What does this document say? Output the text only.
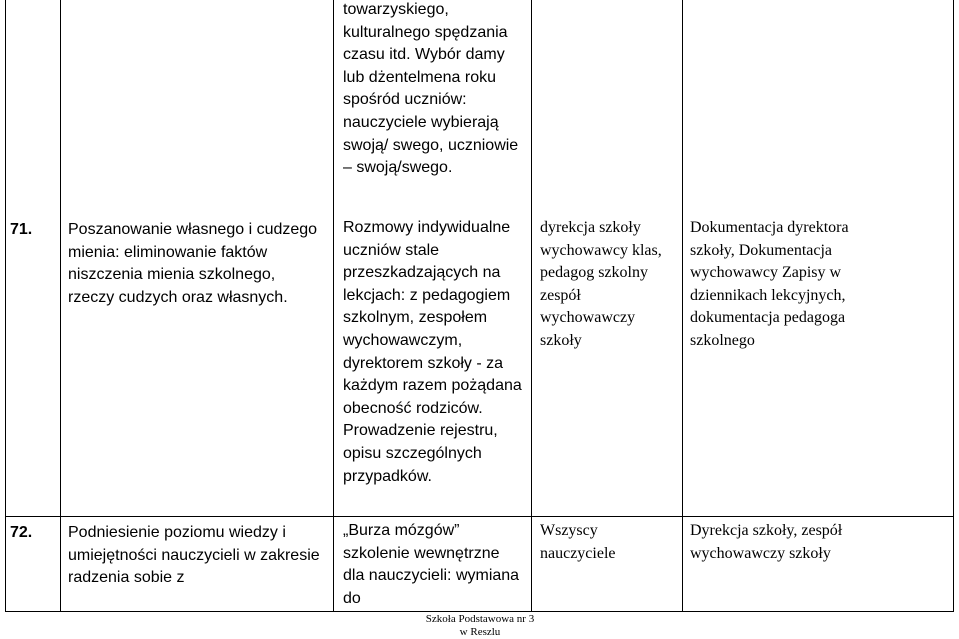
71. Poszanowanie własnego i cudzego mienia: eliminowanie faktów niszczenia mienia szkolnego, rzeczy cudzych oraz własnych.
towarzyskiego, kulturalnego spędzania czasu itd. Wybór damy lub dżentelmena roku spośród uczniów: nauczyciele wybierają swoją/ swego, uczniowie – swoją/swego.
Rozmowy indywidualne uczniów stale przeszkadzających na lekcjach: z pedagogiem szkolnym, zespołem wychowawczym, dyrektorem szkoły - za każdym razem pożądana obecność rodziców. Prowadzenie rejestru, opisu szczególnych przypadków.
dyrekcja szkoły wychowawcy klas, pedagog szkolny zespół wychowawczy szkoły
Dokumentacja dyrektora szkoły, Dokumentacja wychowawcy Zapisy w dziennikach lekcyjnych, dokumentacja pedagoga szkolnego
72. Podniesienie poziomu wiedzy i umiejętności nauczycieli w zakresie radzenia sobie z
„Burza mózgów” szkolenie wewnętrzne dla nauczycieli: wymiana do
Wszyscy nauczyciele
Dyrekcja szkoły, zespół wychowawczy szkoły
Szkoła Podstawowa nr 3
w Reszlu
